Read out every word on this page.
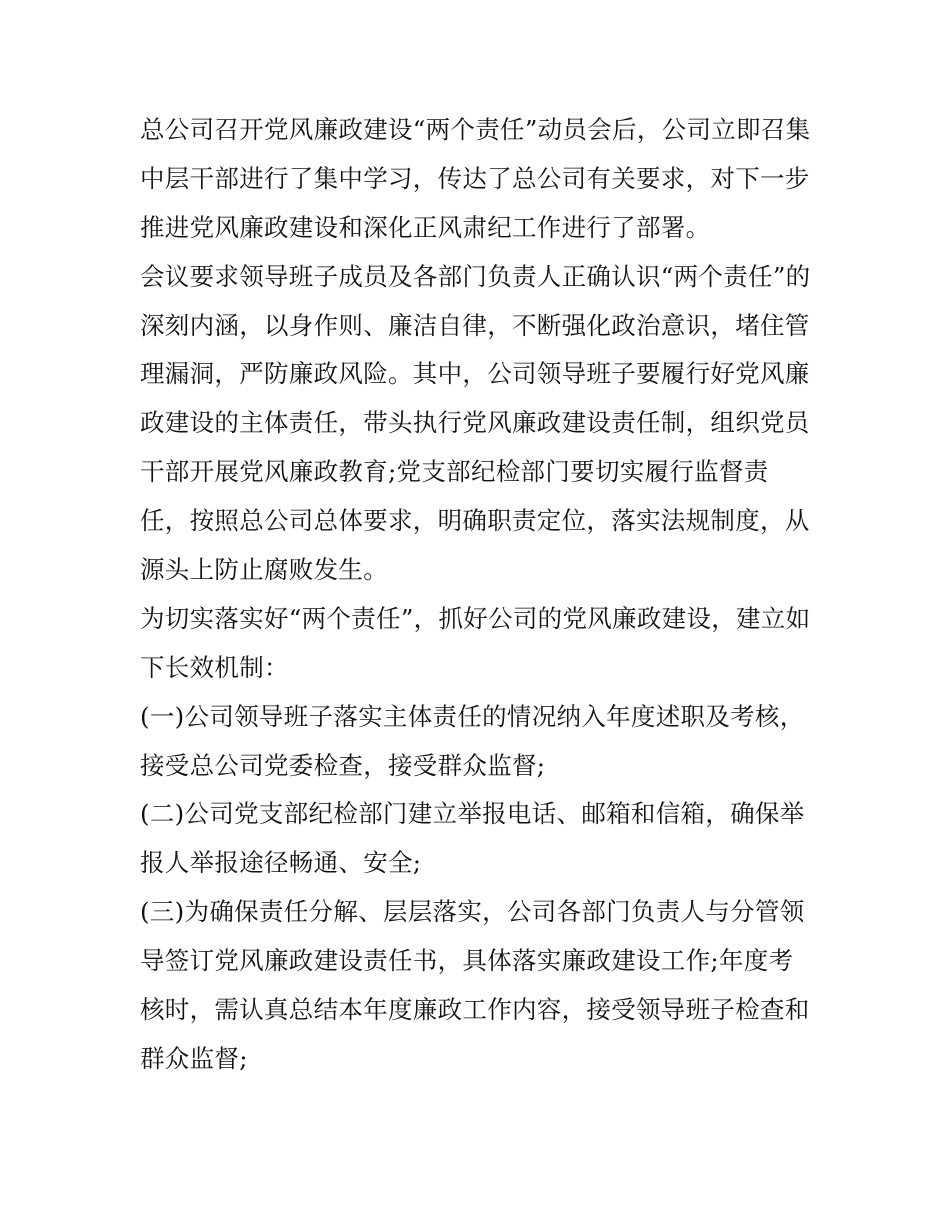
总公司召开党风廉政建设“两个责任”动员会后，公司立即召集
中层干部进行了集中学习，传达了总公司有关要求，对下一步
推进党风廉政建设和深化正风肃纪工作进行了部署。
会议要求领导班子成员及各部门负责人正确认识“两个责任”的
深刻内涵，以身作则、廉洁自律，不断强化政治意识，堵住管
理漏洞，严防廉政风险。其中，公司领导班子要履行好党风廉
政建设的主体责任，带头执行党风廉政建设责任制，组织党员
干部开展党风廉政教育;党支部纪检部门要切实履行监督责
任，按照总公司总体要求，明确职责定位，落实法规制度，从
源头上防止腐败发生。
为切实落实好“两个责任”，抓好公司的党风廉政建设，建立如
下长效机制：
(一)公司领导班子落实主体责任的情况纳入年度述职及考核，
接受总公司党委检查，接受群众监督;
(二)公司党支部纪检部门建立举报电话、邮箱和信箱，确保举
报人举报途径畅通、安全;
(三)为确保责任分解、层层落实，公司各部门负责人与分管领
导签订党风廉政建设责任书，具体落实廉政建设工作;年度考
核时，需认真总结本年度廉政工作内容，接受领导班子检查和
群众监督;
